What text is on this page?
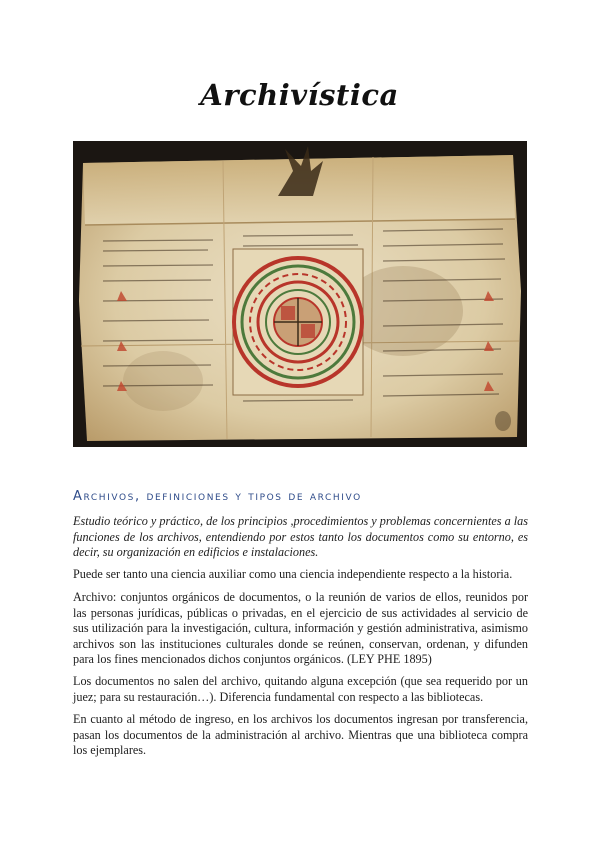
Archivística
Archivos, definiciones y tipos de archivo

Estudio teórico y práctico, de los principios ,procedimientos y problemas concernientes a las funciones de los archivos, entendiendo por estos tanto los documentos como su entorno, es decir, su organización en edificios e instalaciones.

Puede ser tanto una ciencia auxiliar como una ciencia independiente respecto a la historia.

Archivo: conjuntos orgánicos de documentos, o la reunión de varios de ellos, reunidos por las personas jurídicas, públicas o privadas, en el ejercicio de sus actividades al servicio de sus utilización para la investigación, cultura, información y gestión administrativa, asimismo archivos son las instituciones culturales donde se reúnen, conservan, ordenan, y difunden para los fines mencionados dichos conjuntos orgánicos. (LEY PHE 1895)

Los documentos no salen del archivo, quitando alguna excepción (que sea requerido por un juez; para su restauración…). Diferencia fundamental con respecto a las bibliotecas.

En cuanto al método de ingreso, en los archivos los documentos ingresan por transferencia, pasan los documentos de la administración al archivo. Mientras que una biblioteca compra los ejemplares.
